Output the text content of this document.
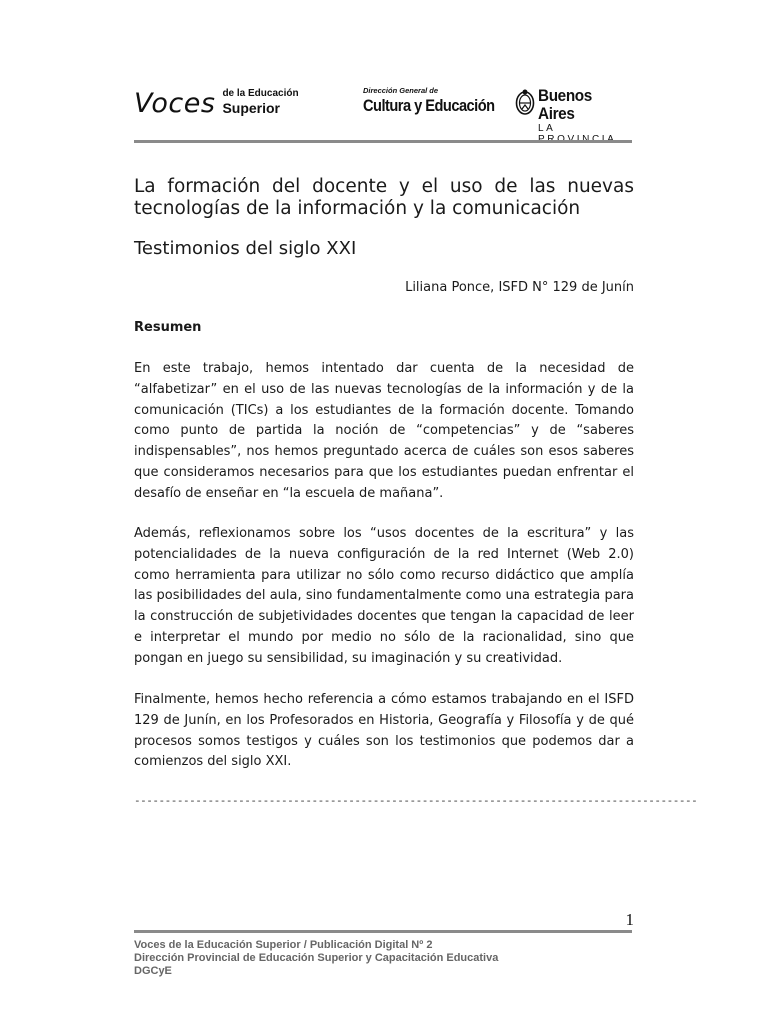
Voces de la Educación
Superior
Dirección General de
Cultura y Educación
Buenos Aires
LA
La formación del docente y el uso de las nuevas tecnologías de la información y la comunicación
Testimonios del siglo XXI
Liliana Ponce, ISFD N° 129 de Junín
Resumen

En este trabajo, hemos intentado dar cuenta de la necesidad de “alfabetizar” en el uso de las nuevas tecnologías de la información y de la comunicación (TICs) a los estudiantes de la formación docente. Tomando como punto de partida la noción de “competencias” y de “saberes indispensables”, nos hemos preguntado acerca de cuáles son esos saberes que consideramos necesarios para que los estudiantes puedan enfrentar el desafío de enseñar en “la escuela de mañana”.

Además, reflexionamos sobre los “usos docentes de la escritura” y las potencialidades de la nueva configuración de la red Internet (Web 2.0) como herramienta para utilizar no sólo como recurso didáctico que amplía las posibilidades del aula, sino fundamentalmente como una estrategia para la construcción de subjetividades docentes que tengan la capacidad de leer e interpretar el mundo por medio no sólo de la racionalidad, sino que pongan en juego su sensibilidad, su imaginación y su creatividad.

Finalmente, hemos hecho referencia a cómo estamos trabajando en el ISFD 129 de Junín, en los Profesorados en Historia, Geografía y Filosofía y de qué procesos somos testigos y cuáles son los testimonios que podemos dar a comienzos del siglo XXI.

--------------------------------------------------------------------------------------------
1
Voces de la Educación Superior / Publicación Digital Nº 2
Dirección Provincial de Educación Superior y Capacitación Educativa
DGCyE
